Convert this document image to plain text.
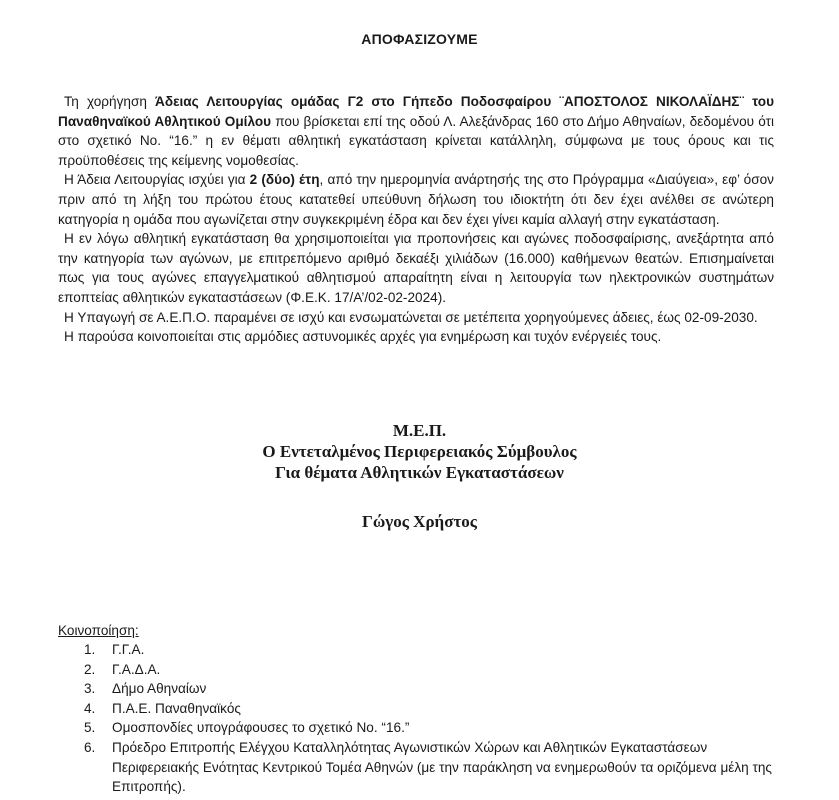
ΑΠΟΦΑΣΙΖΟΥΜΕ

Τη χορήγηση Άδειας Λειτουργίας ομάδας Γ2 στο Γήπεδο Ποδοσφαίρου ¨ΑΠΟΣΤΟΛΟΣ ΝΙΚΟΛΑΪΔΗΣ¨ του Παναθηναϊκού Αθλητικού Ομίλου που βρίσκεται επί της οδού Λ. Αλεξάνδρας 160 στο Δήμο Αθηναίων, δεδομένου ότι στο σχετικό Νο. “16.” η εν θέματι αθλητική εγκατάσταση κρίνεται κατάλληλη, σύμφωνα με τους όρους και τις προϋποθέσεις της κείμενης νομοθεσίας.

Η Άδεια Λειτουργίας ισχύει για 2 (δύο) έτη, από την ημερομηνία ανάρτησής της στο Πρόγραμμα «Διαύγεια», εφ’ όσον πριν από τη λήξη του πρώτου έτους κατατεθεί υπεύθυνη δήλωση του ιδιοκτήτη ότι δεν έχει ανέλθει σε ανώτερη κατηγορία η ομάδα που αγωνίζεται στην συγκεκριμένη έδρα και δεν έχει γίνει καμία αλλαγή στην εγκατάσταση.

Η εν λόγω αθλητική εγκατάσταση θα χρησιμοποιείται για προπονήσεις και αγώνες ποδοσφαίρισης, ανεξάρτητα από την κατηγορία των αγώνων, με επιτρεπόμενο αριθμό δεκαέξι χιλιάδων (16.000) καθήμενων θεατών. Επισημαίνεται πως για τους αγώνες επαγγελματικού αθλητισμού απαραίτητη είναι η λειτουργία των ηλεκτρονικών συστημάτων εποπτείας αθλητικών εγκαταστάσεων (Φ.Ε.Κ. 17/Α’/02-02-2024).

Η Υπαγωγή σε Α.Ε.Π.Ο. παραμένει σε ισχύ και ενσωματώνεται σε μετέπειτα χορηγούμενες άδειες, έως 02-09-2030.

Η παρούσα κοινοποιείται στις αρμόδιες αστυνομικές αρχές για ενημέρωση και τυχόν ενέργειές τους.

Μ.Ε.Π.
Ο Εντεταλμένος Περιφερειακός Σύμβουλος
Για θέματα Αθλητικών Εγκαταστάσεων
Γώγος Χρήστος
Κοινοποίηση:
1. Γ.Γ.Α.
2. Γ.Α.Δ.Α.
3. Δήμο Αθηναίων
4. Π.Α.Ε. Παναθηναϊκός
5. Ομοσπονδίες υπογράφουσες το σχετικό Νο. “16.”
6. Πρόεδρο Επιτροπής Ελέγχου Καταλληλότητας Αγωνιστικών Χώρων και Αθλητικών Εγκαταστάσεων Περιφερειακής Ενότητας Κεντρικού Τομέα Αθηνών (με την παράκληση να ενημερωθούν τα οριζόμενα μέλη της Επιτροπής).
